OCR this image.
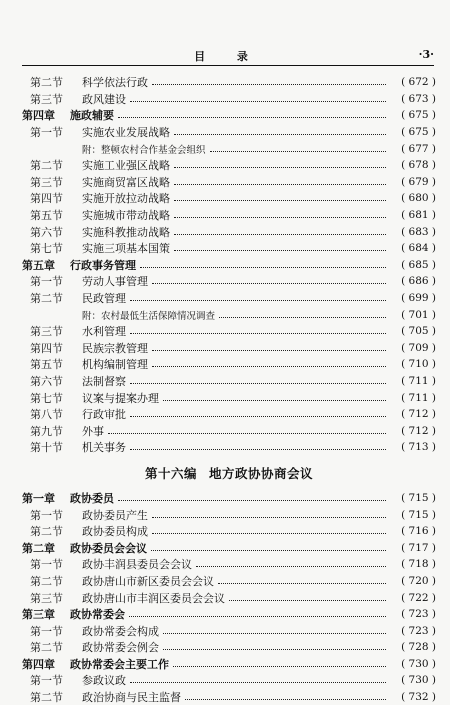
目 录	·3·
第二节	科学依法行政	( 672 )
第三节	政风建设	( 673 )
第四章	施政辅要	( 675 )
第一节	实施农业发展战略	( 675 )
附：整顿农村合作基金会组织	( 677 )
第二节	实施工业强区战略	( 678 )
第三节	实施商贸富区战略	( 679 )
第四节	实施开放拉动战略	( 680 )
第五节	实施城市带动战略	( 681 )
第六节	实施科教推动战略	( 683 )
第七节	实施三项基本国策	( 684 )
第五章	行政事务管理	( 685 )
第一节	劳动人事管理	( 686 )
第二节	民政管理	( 699 )
附：农村最低生活保障情况调查	( 701 )
第三节	水利管理	( 705 )
第四节	民族宗教管理	( 709 )
第五节	机构编制管理	( 710 )
第六节	法制督察	( 711 )
第七节	议案与提案办理	( 711 )
第八节	行政审批	( 712 )
第九节	外事	( 712 )
第十节	机关事务	( 713 )
第十六编 地方政协协商会议
第一章	政协委员	( 715 )
第一节	政协委员产生	( 715 )
第二节	政协委员构成	( 716 )
第二章	政协委员会会议	( 717 )
第一节	政协丰润县委员会会议	( 718 )
第二节	政协唐山市新区委员会会议	( 720 )
第三节	政协唐山市丰润区委员会会议	( 722 )
第三章	政协常委会	( 723 )
第一节	政协常委会构成	( 723 )
第二节	政协常委会例会	( 728 )
第四章	政协常委会主要工作	( 730 )
第一节	参政议政	( 730 )
第二节	政治协商与民主监督	( 732 )
